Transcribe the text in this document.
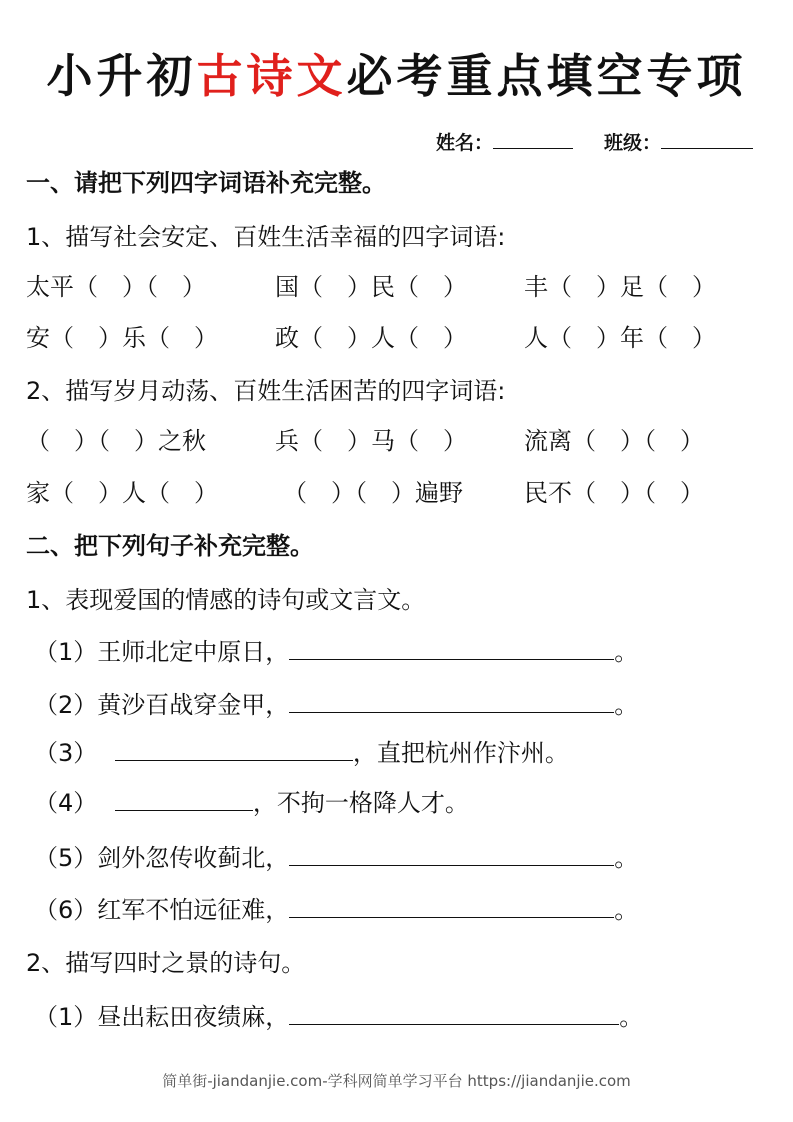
小升初古诗文必考重点填空专项
姓名：	班级：
一、请把下列四字词语补充完整。
1、描写社会安定、百姓生活幸福的四字词语:
太平（　）（　）	国（　）民（　） 丰（　）足（　）
安（　）乐（　） 政（　）人（　） 人（　）年（　）
2、描写岁月动荡、百姓生活困苦的四字词语:
（　）（　）之秋	兵（　）马（　） 流离（　）（　）
家（　）人（　）	（　）（　）遍野	民不（　）（　）
二、把下列句子补充完整。
1、表现爱国的情感的诗句或文言文。
（1）王师北定中原日，	。
（2）黄沙百战穿金甲，	。
（3）	，直把杭州作汴州。
（4）	，不拘一格降人才。
（5）剑外忽传收蓟北，	。
（6）红军不怕远征难，	。
2、描写四时之景的诗句。
（1）昼出耘田夜绩麻，	。
简单街-jiandanjie.com-学科网简单学习平台 https://jiandanjie.com
